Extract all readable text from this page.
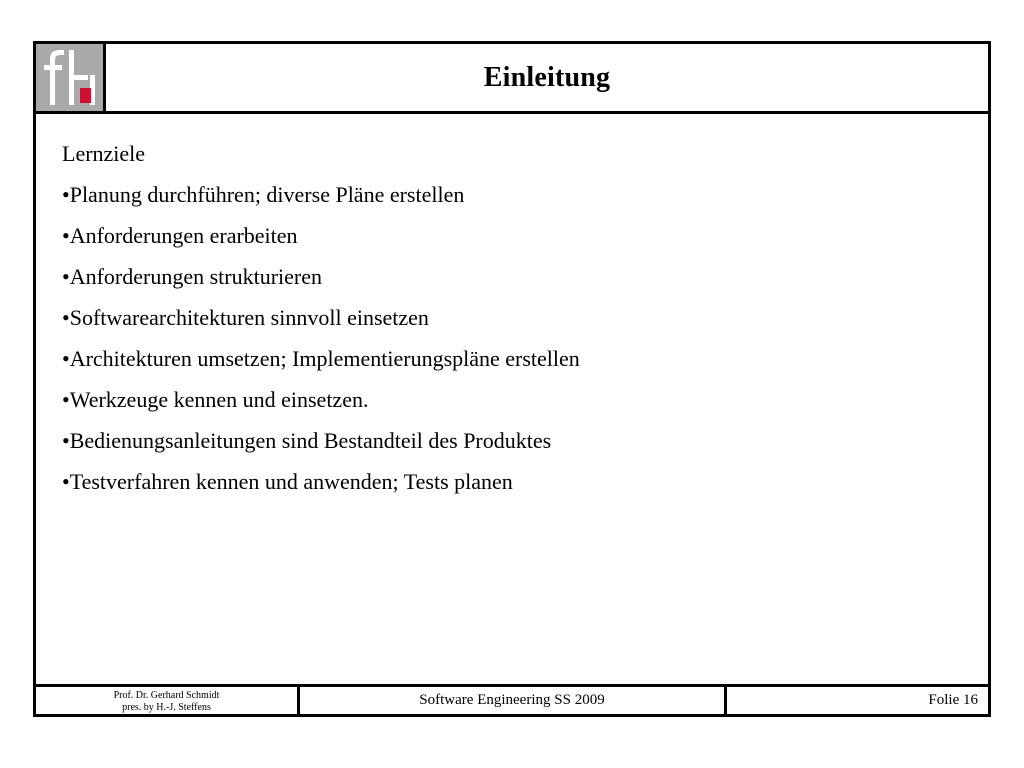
Einleitung
Lernziele
•Planung durchführen; diverse Pläne erstellen
•Anforderungen erarbeiten
•Anforderungen strukturieren
•Softwarearchitekturen sinnvoll einsetzen
•Architekturen umsetzen; Implementierungspläne erstellen
•Werkzeuge kennen und einsetzen.
•Bedienungsanleitungen sind Bestandteil des Produktes
•Testverfahren kennen und anwenden; Tests planen
Prof. Dr. Gerhard Schmidt
pres. by H.-J. Steffens	Software Engineering SS 2009	Folie 16
